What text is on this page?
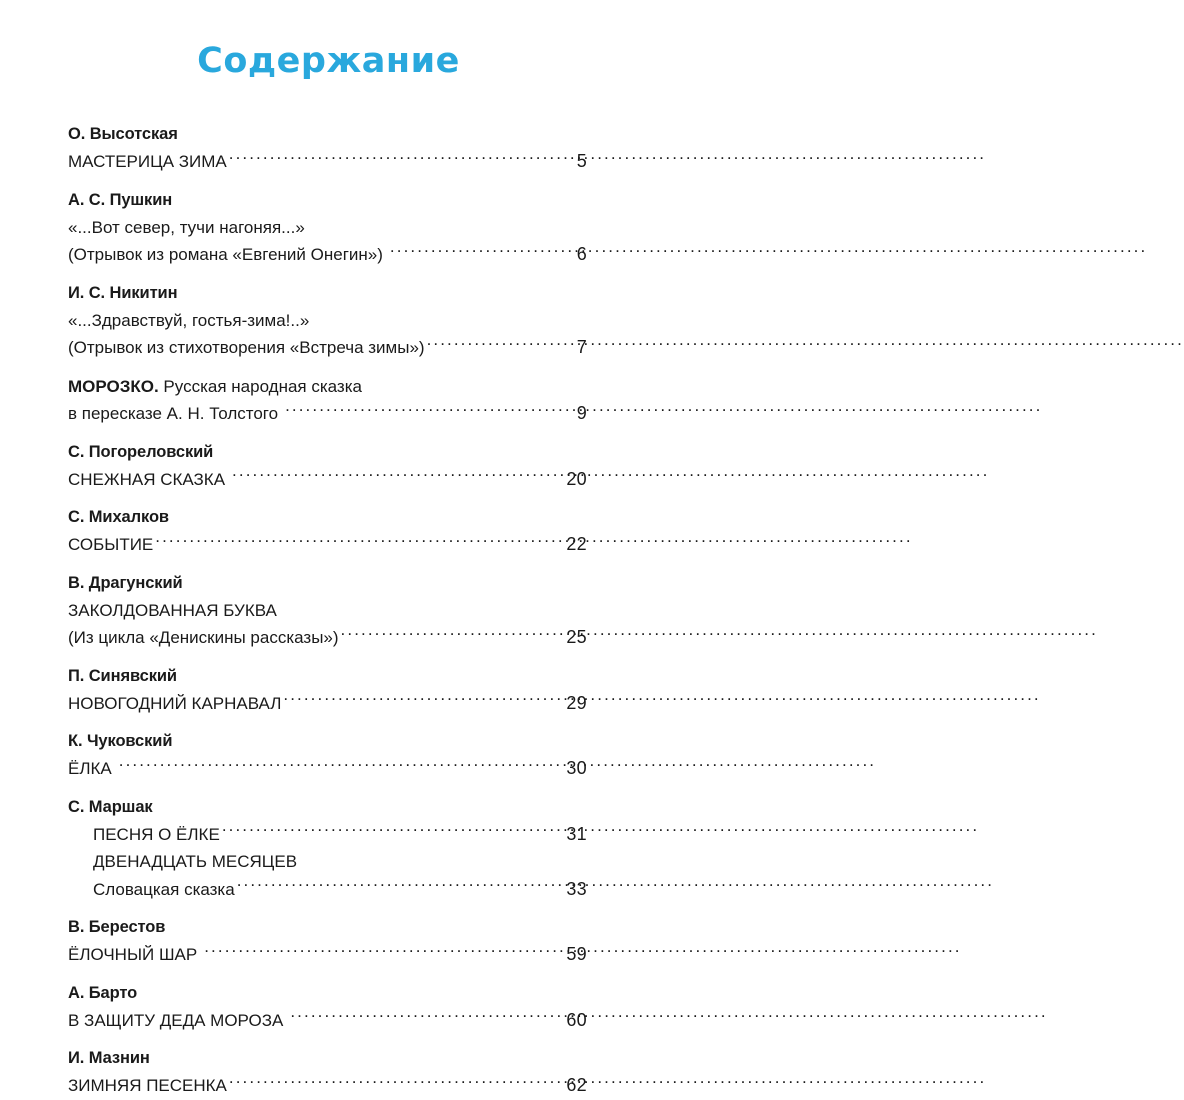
Содержание
О. Высотская
МАСТЕРИЦА ЗИМА .....	5
А. С. Пушкин
«...Вот север, тучи нагоняя...»
(Отрывок из романа «Евгений Онегин») .....	6
И. С. Никитин
«...Здравствуй, гостья-зима!..»
(Отрывок из стихотворения «Встреча зимы») .....	7
МОРОЗКО. Русская народная сказка
в пересказе А. Н. Толстого .....	9
С. Погореловский
СНЕЖНАЯ СКАЗКА .....	20
С. Михалков
СОБЫТИЕ .....	22
В. Драгунский
ЗАКОЛДОВАННАЯ БУКВА
(Из цикла «Денискины рассказы») .....	25
П. Синявский
НОВОГОДНИЙ КАРНАВАЛ .....	29
К. Чуковский
ЁЛКА .....	30
С. Маршак
ПЕСНЯ О ЁЛКЕ .....	31
ДВЕНАДЦАТЬ МЕСЯЦЕВ
Словацкая сказка .....	33
В. Берестов
ЁЛОЧНЫЙ ШАР .....	59
А. Барто
В ЗАЩИТУ ДЕДА МОРОЗА .....	60
И. Мазнин
ЗИМНЯЯ ПЕСЕНКА .....	62
